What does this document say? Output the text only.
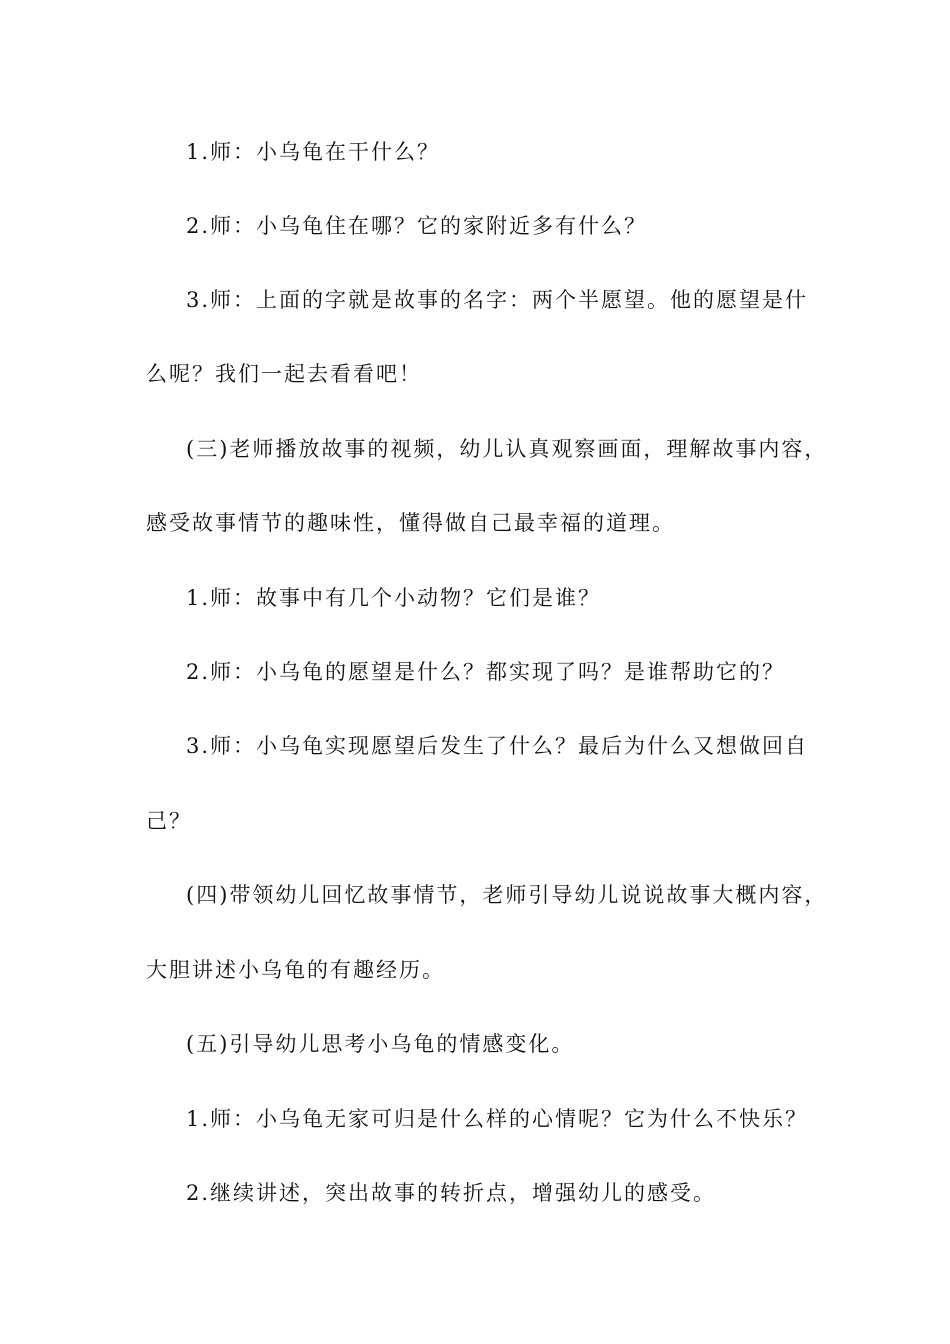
1.师：小乌龟在干什么？
2.师：小乌龟住在哪？它的家附近多有什么？
3.师：上面的字就是故事的名字：两个半愿望。他的愿望是什
么呢？我们一起去看看吧！
(三)老师播放故事的视频，幼儿认真观察画面，理解故事内容，
感受故事情节的趣味性，懂得做自己最幸福的道理。
1.师：故事中有几个小动物？它们是谁？
2.师：小乌龟的愿望是什么？都实现了吗？是谁帮助它的？
3.师：小乌龟实现愿望后发生了什么？最后为什么又想做回自
己？
(四)带领幼儿回忆故事情节，老师引导幼儿说说故事大概内容，
大胆讲述小乌龟的有趣经历。
(五)引导幼儿思考小乌龟的情感变化。
1.师：小乌龟无家可归是什么样的心情呢？它为什么不快乐？
2.继续讲述，突出故事的转折点，增强幼儿的感受。
